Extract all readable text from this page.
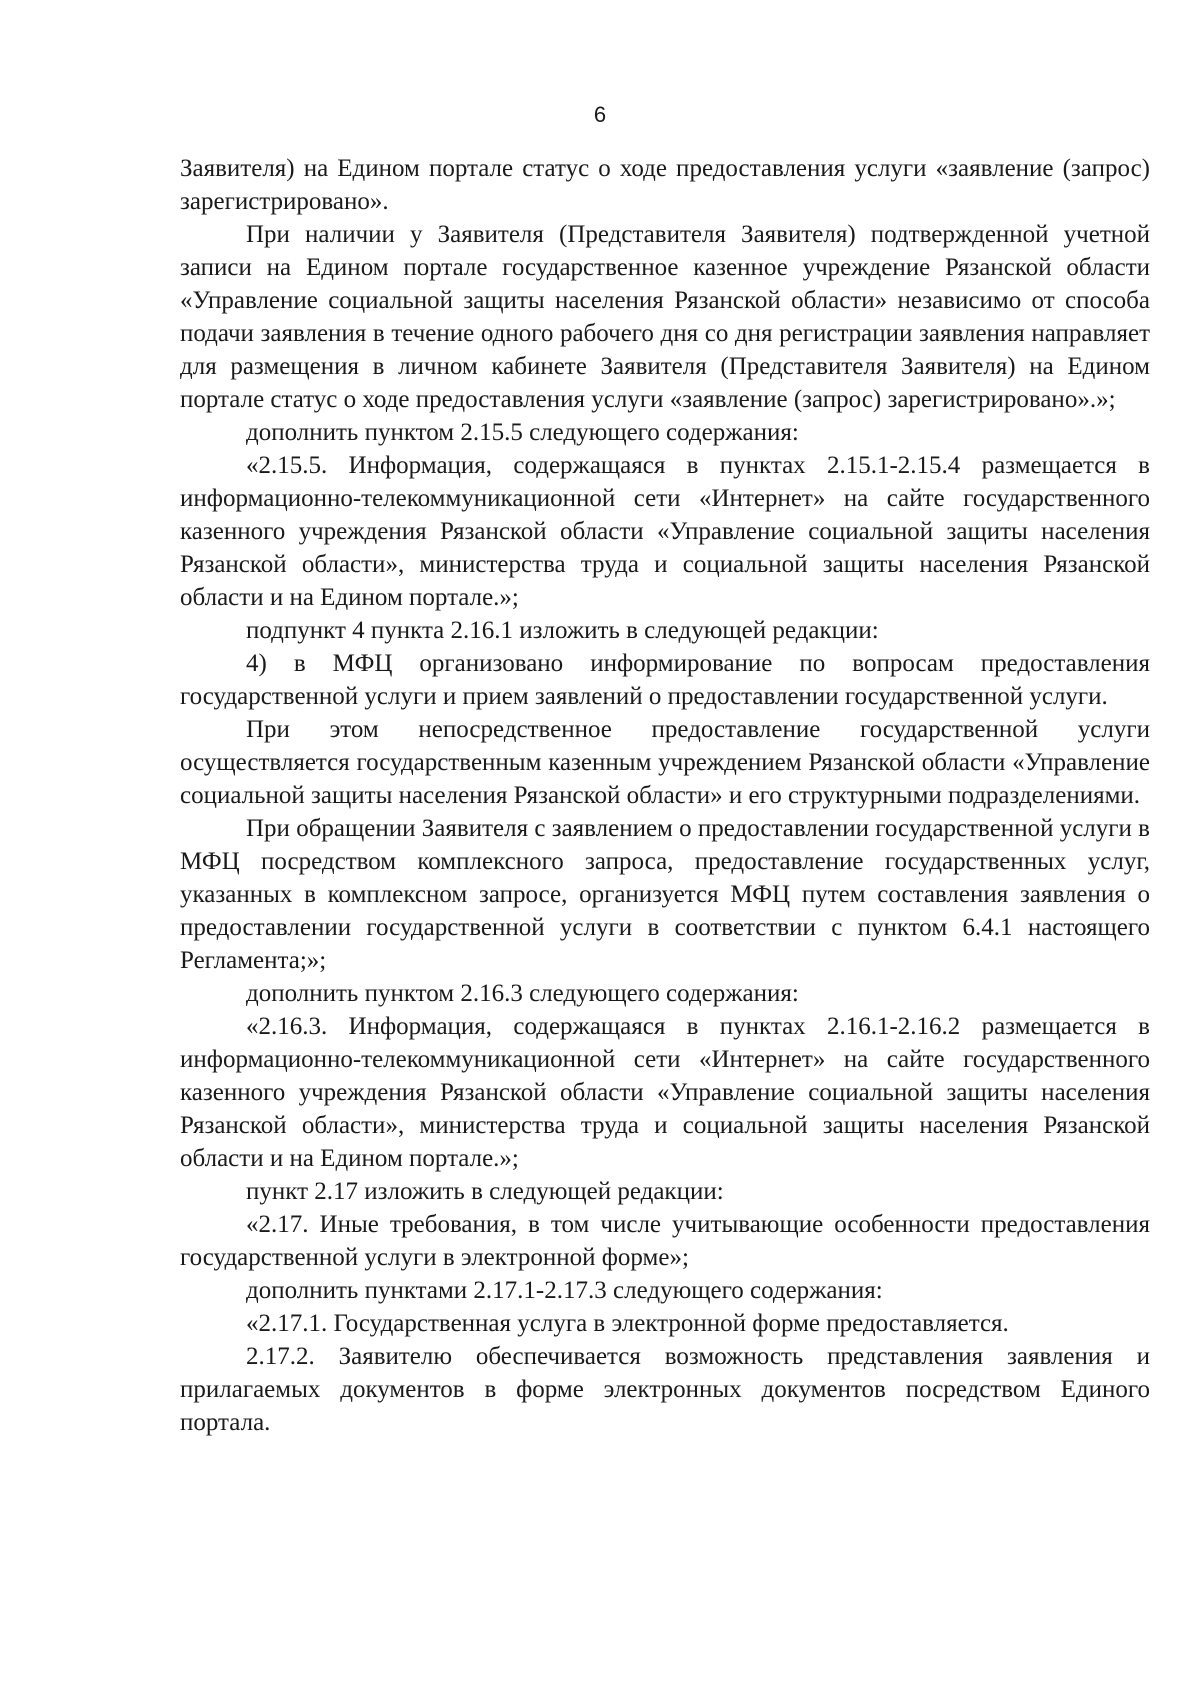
6

Заявителя) на Едином портале статус о ходе предоставления услуги «заявление (запрос) зарегистрировано».

При наличии у Заявителя (Представителя Заявителя) подтвержденной учетной записи на Едином портале государственное казенное учреждение Рязанской области «Управление социальной защиты населения Рязанской области» независимо от способа подачи заявления в течение одного рабочего дня со дня регистрации заявления направляет для размещения в личном кабинете Заявителя (Представителя Заявителя) на Едином портале статус о ходе предоставления услуги «заявление (запрос) зарегистрировано».»;

дополнить пунктом 2.15.5 следующего содержания:

«2.15.5. Информация, содержащаяся в пунктах 2.15.1-2.15.4 размещается в информационно-телекоммуникационной сети «Интернет» на сайте государственного казенного учреждения Рязанской области «Управление социальной защиты населения Рязанской области», министерства труда и социальной защиты населения Рязанской области и на Едином портале.»;

подпункт 4 пункта 2.16.1 изложить в следующей редакции:

4) в МФЦ организовано информирование по вопросам предоставления государственной услуги и прием заявлений о предоставлении государственной услуги.

При этом непосредственное предоставление государственной услуги осуществляется государственным казенным учреждением Рязанской области «Управление социальной защиты населения Рязанской области» и его структурными подразделениями.

При обращении Заявителя с заявлением о предоставлении государственной услуги в МФЦ посредством комплексного запроса, предоставление государственных услуг, указанных в комплексном запросе, организуется МФЦ путем составления заявления о предоставлении государственной услуги в соответствии с пунктом 6.4.1 настоящего Регламента;»;

дополнить пунктом 2.16.3 следующего содержания:

«2.16.3. Информация, содержащаяся в пунктах 2.16.1-2.16.2 размещается в информационно-телекоммуникационной сети «Интернет» на сайте государственного казенного учреждения Рязанской области «Управление социальной защиты населения Рязанской области», министерства труда и социальной защиты населения Рязанской области и на Едином портале.»;

пункт 2.17 изложить в следующей редакции:

«2.17. Иные требования, в том числе учитывающие особенности предоставления государственной услуги в электронной форме»;

дополнить пунктами 2.17.1-2.17.3 следующего содержания:

«2.17.1. Государственная услуга в электронной форме предоставляется.

2.17.2. Заявителю обеспечивается возможность представления заявления и прилагаемых документов в форме электронных документов посредством Единого портала.
